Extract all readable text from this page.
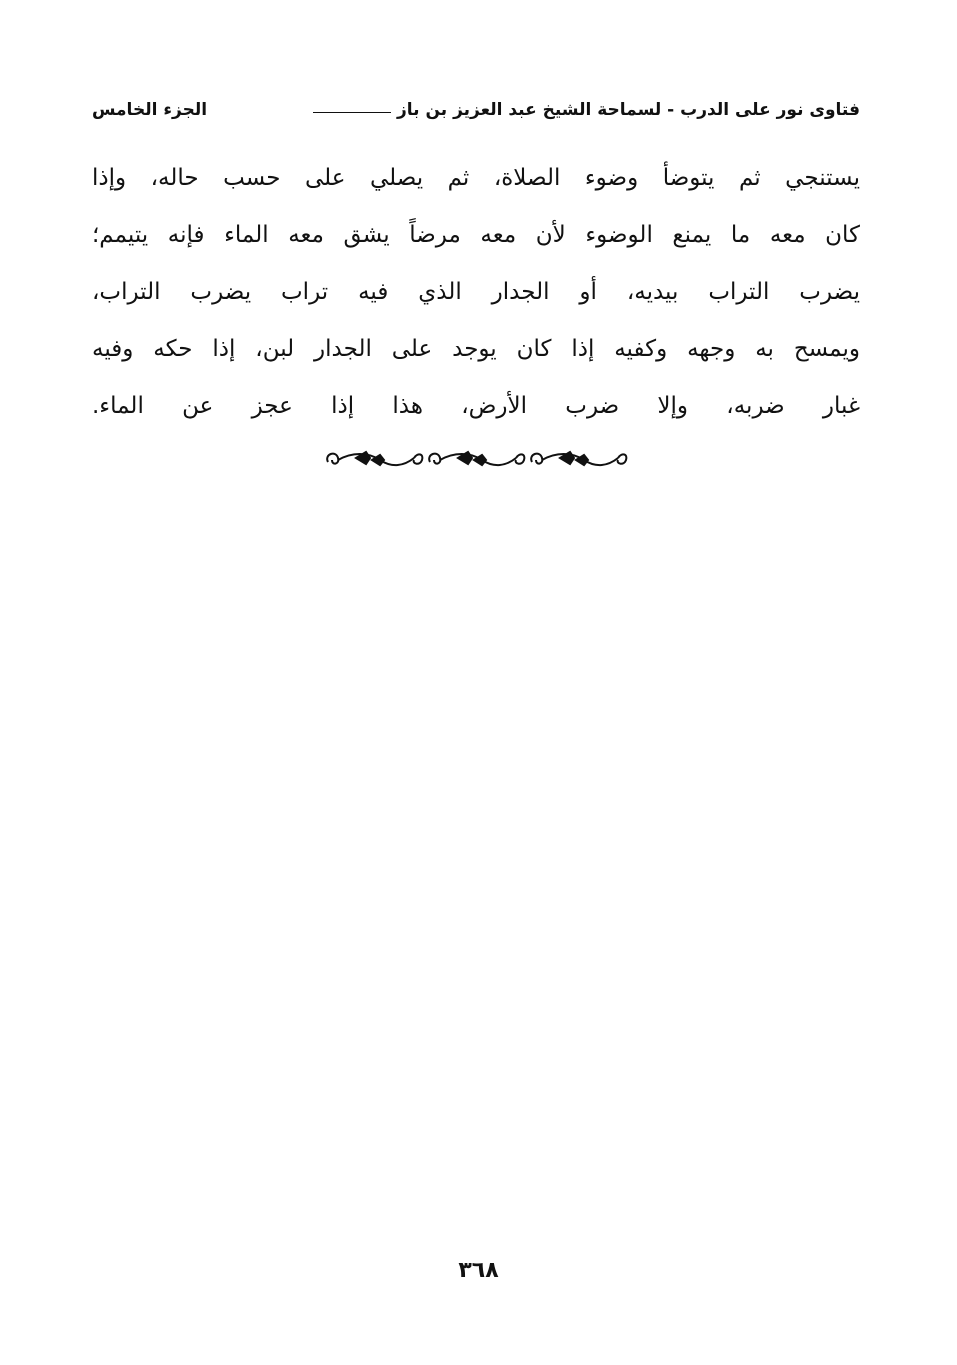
فتاوى نور على الدرب - لسماحة الشيخ عبد العزيز بن باز
الجزء الخامس
يستنجي ثم يتوضأ وضوء الصلاة، ثم يصلي على حسب حاله، وإذا
كان معه ما يمنع الوضوء لأن معه مرضاً يشق معه الماء فإنه يتيمم؛
يضرب التراب بيديه، أو الجدار الذي فيه تراب يضرب التراب،
ويمسح به وجهه وكفيه إذا كان يوجد على الجدار لبن، إذا حكه وفيه
غبار ضربه، وإلا ضرب الأرض، هذا إذا عجز عن الماء.
٣٦٨
